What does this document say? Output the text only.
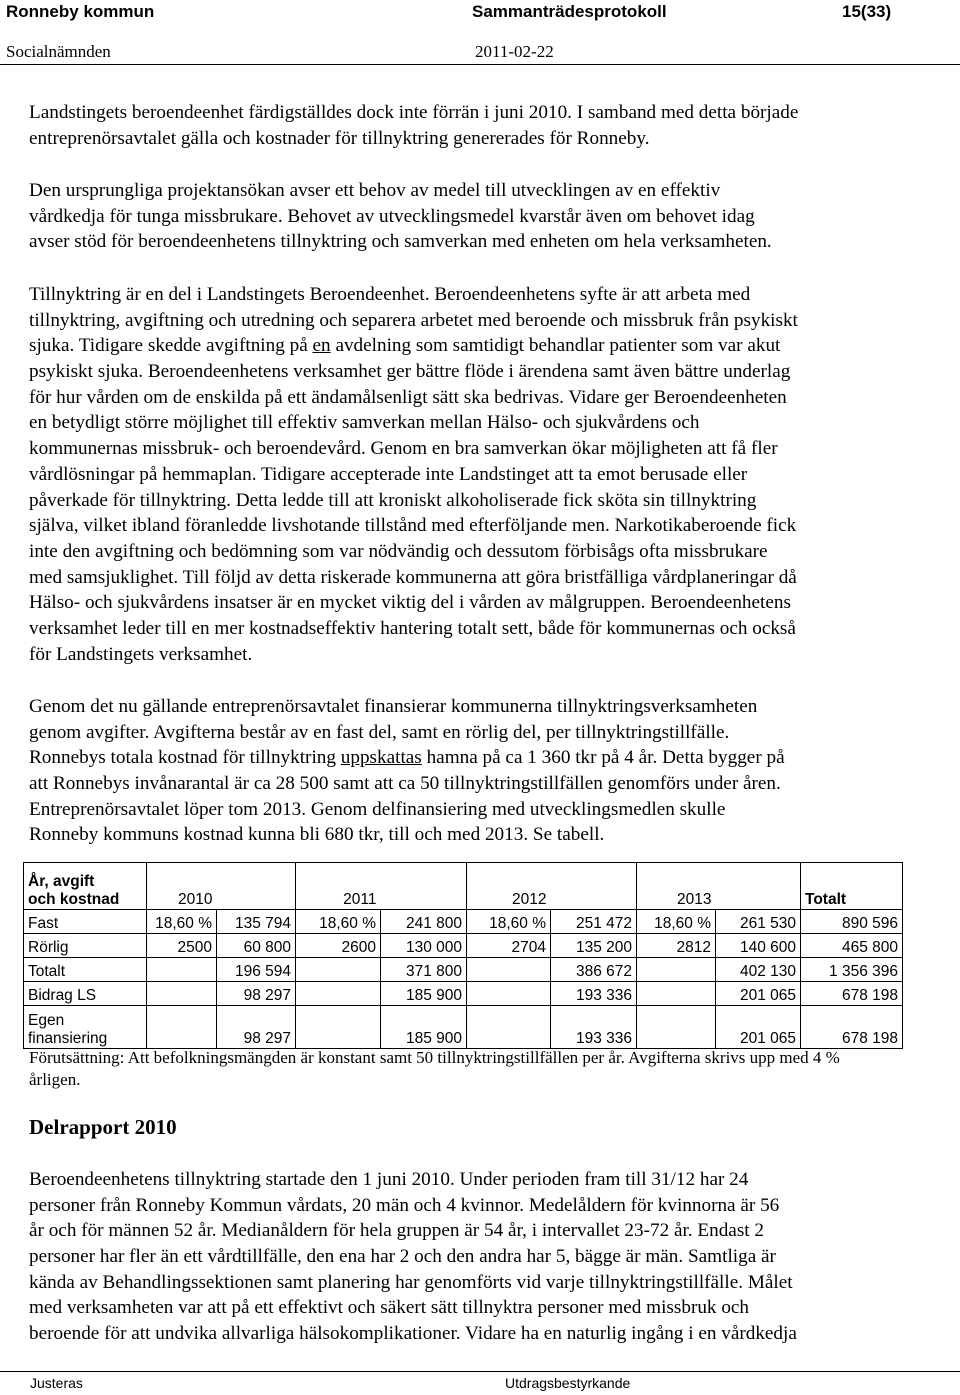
Ronneby kommun	Sammanträdesprotokoll	15(33)
Socialnämnden	2011-02-22
Landstingets beroendeenhet färdigställdes dock inte förrän i juni 2010. I samband med detta började
entreprenörsavtalet gälla och kostnader för tillnyktring genererades för Ronneby.
Den ursprungliga projektansökan avser ett behov av medel till utvecklingen av en effektiv
vårdkedja för tunga missbrukare. Behovet av utvecklingsmedel kvarstår även om behovet idag
avser stöd för beroendeenhetens tillnyktring och samverkan med enheten om hela verksamheten.
Tillnyktring är en del i Landstingets Beroendeenhet. Beroendeenhetens syfte är att arbeta med
tillnyktring, avgiftning och utredning och separera arbetet med beroende och missbruk från psykiskt
sjuka. Tidigare skedde avgiftning på en avdelning som samtidigt behandlar patienter som var akut
psykiskt sjuka. Beroendeenhetens verksamhet ger bättre flöde i ärendena samt även bättre underlag
för hur vården om de enskilda på ett ändamålsenligt sätt ska bedrivas. Vidare ger Beroendeenheten
en betydligt större möjlighet till effektiv samverkan mellan Hälso- och sjukvårdens och
kommunernas missbruk- och beroendevård. Genom en bra samverkan ökar möjligheten att få fler
vårdlösningar på hemmaplan. Tidigare accepterade inte Landstinget att ta emot berusade eller
påverkade för tillnyktring. Detta ledde till att kroniskt alkoholiserade fick sköta sin tillnyktring
själva, vilket ibland föranledde livshotande tillstånd med efterföljande men. Narkotikaberoende fick
inte den avgiftning och bedömning som var nödvändig och dessutom förbisågs ofta missbrukare
med samsjuklighet. Till följd av detta riskerade kommunerna att göra bristfälliga vårdplaneringar då
Hälso- och sjukvårdens insatser är en mycket viktig del i vården av målgruppen. Beroendeenhetens
verksamhet leder till en mer kostnadseffektiv hantering totalt sett, både för kommunernas och också
för Landstingets verksamhet.
Genom det nu gällande entreprenörsavtalet finansierar kommunerna tillnyktringsverksamheten
genom avgifter. Avgifterna består av en fast del, samt en rörlig del, per tillnyktringstillfälle.
Ronnebys totala kostnad för tillnyktring uppskattas hamna på ca 1 360 tkr på 4 år. Detta bygger på
att Ronnebys invånarantal är ca 28 500 samt att ca 50 tillnyktringstillfällen genomförs under åren.
Entreprenörsavtalet löper tom 2013. Genom delfinansiering med utvecklingsmedlen skulle
Ronneby kommuns kostnad kunna bli 680 tkr, till och med 2013. Se tabell.
År, avgift
och kostnad	2010		2011		2012		2013		Totalt
Fast	18,60 %	135 794	18,60 %	241 800	18,60 %	251 472	18,60 %	261 530	890 596
Rörlig	2500	60 800	2600	130 000	2704	135 200	2812	140 600	465 800
Totalt		196 594		371 800		386 672		402 130	1 356 396
Bidrag LS		98 297		185 900		193 336		201 065	678 198
Egen
finansiering		98 297		185 900		193 336		201 065	678 198
Förutsättning: Att befolkningsmängden är konstant samt 50 tillnyktringstillfällen per år. Avgifterna skrivs upp med 4 %
årligen.
Delrapport 2010
Beroendeenhetens tillnyktring startade den 1 juni 2010. Under perioden fram till 31/12 har 24
personer från Ronneby Kommun vårdats, 20 män och 4 kvinnor. Medelåldern för kvinnorna är 56
år och för männen 52 år. Medianåldern för hela gruppen är 54 år, i intervallet 23-72 år. Endast 2
personer har fler än ett vårdtillfälle, den ena har 2 och den andra har 5, bägge är män. Samtliga är
kända av Behandlingssektionen samt planering har genomförts vid varje tillnyktringstillfälle. Målet
med verksamheten var att på ett effektivt och säkert sätt tillnyktra personer med missbruk och
beroende för att undvika allvarliga hälsokomplikationer. Vidare ha en naturlig ingång i en vårdkedja
Justeras	Utdragsbestyrkande
